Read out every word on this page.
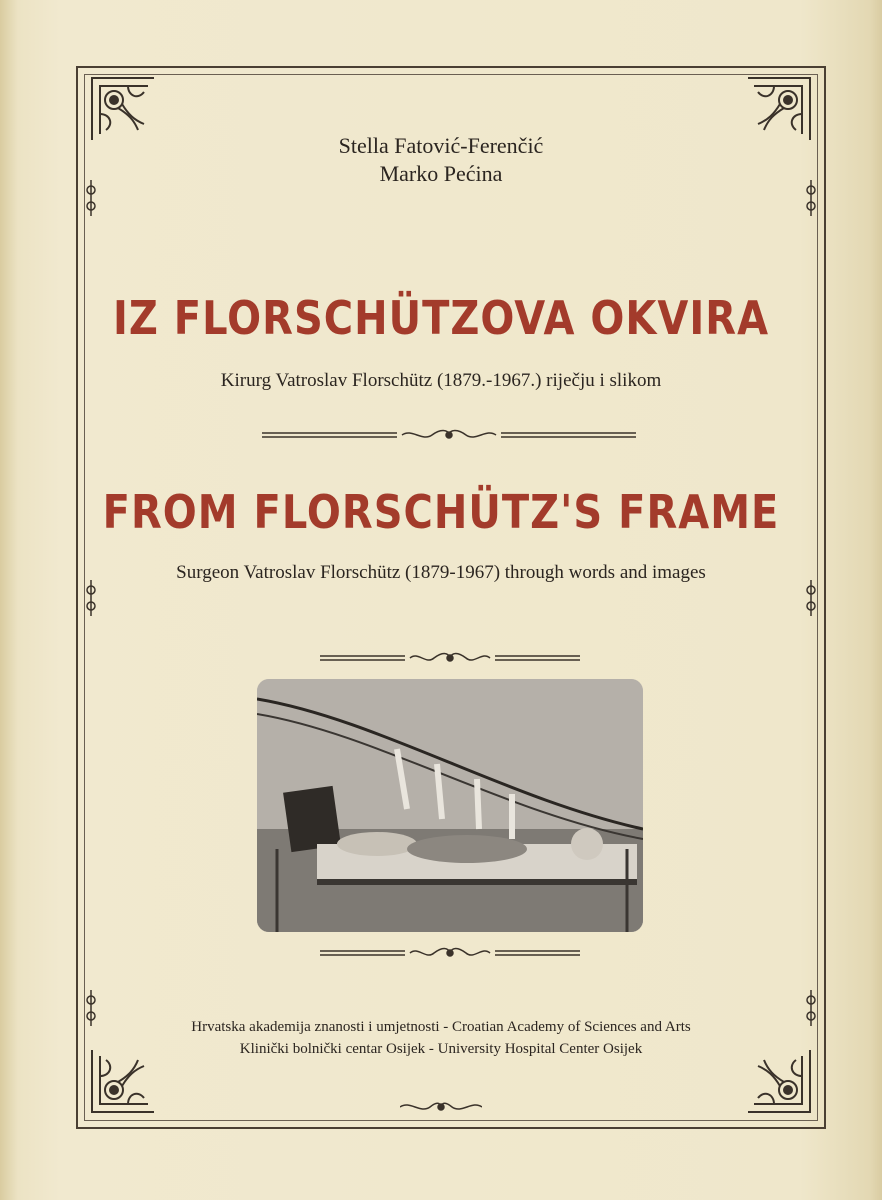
Stella Fatović-Ferenčić
Marko Pećina
IZ FLORSCHÜTZOVA OKVIRA
Kirurg Vatroslav Florschütz (1879.-1967.) riječju i slikom
FROM FLORSCHÜTZ'S FRAME
Surgeon Vatroslav Florschütz (1879-1967) through words and images
Hrvatska akademija znanosti i umjetnosti - Croatian Academy of Sciences and Arts
Klinički bolnički centar Osijek - University Hospital Center Osijek
